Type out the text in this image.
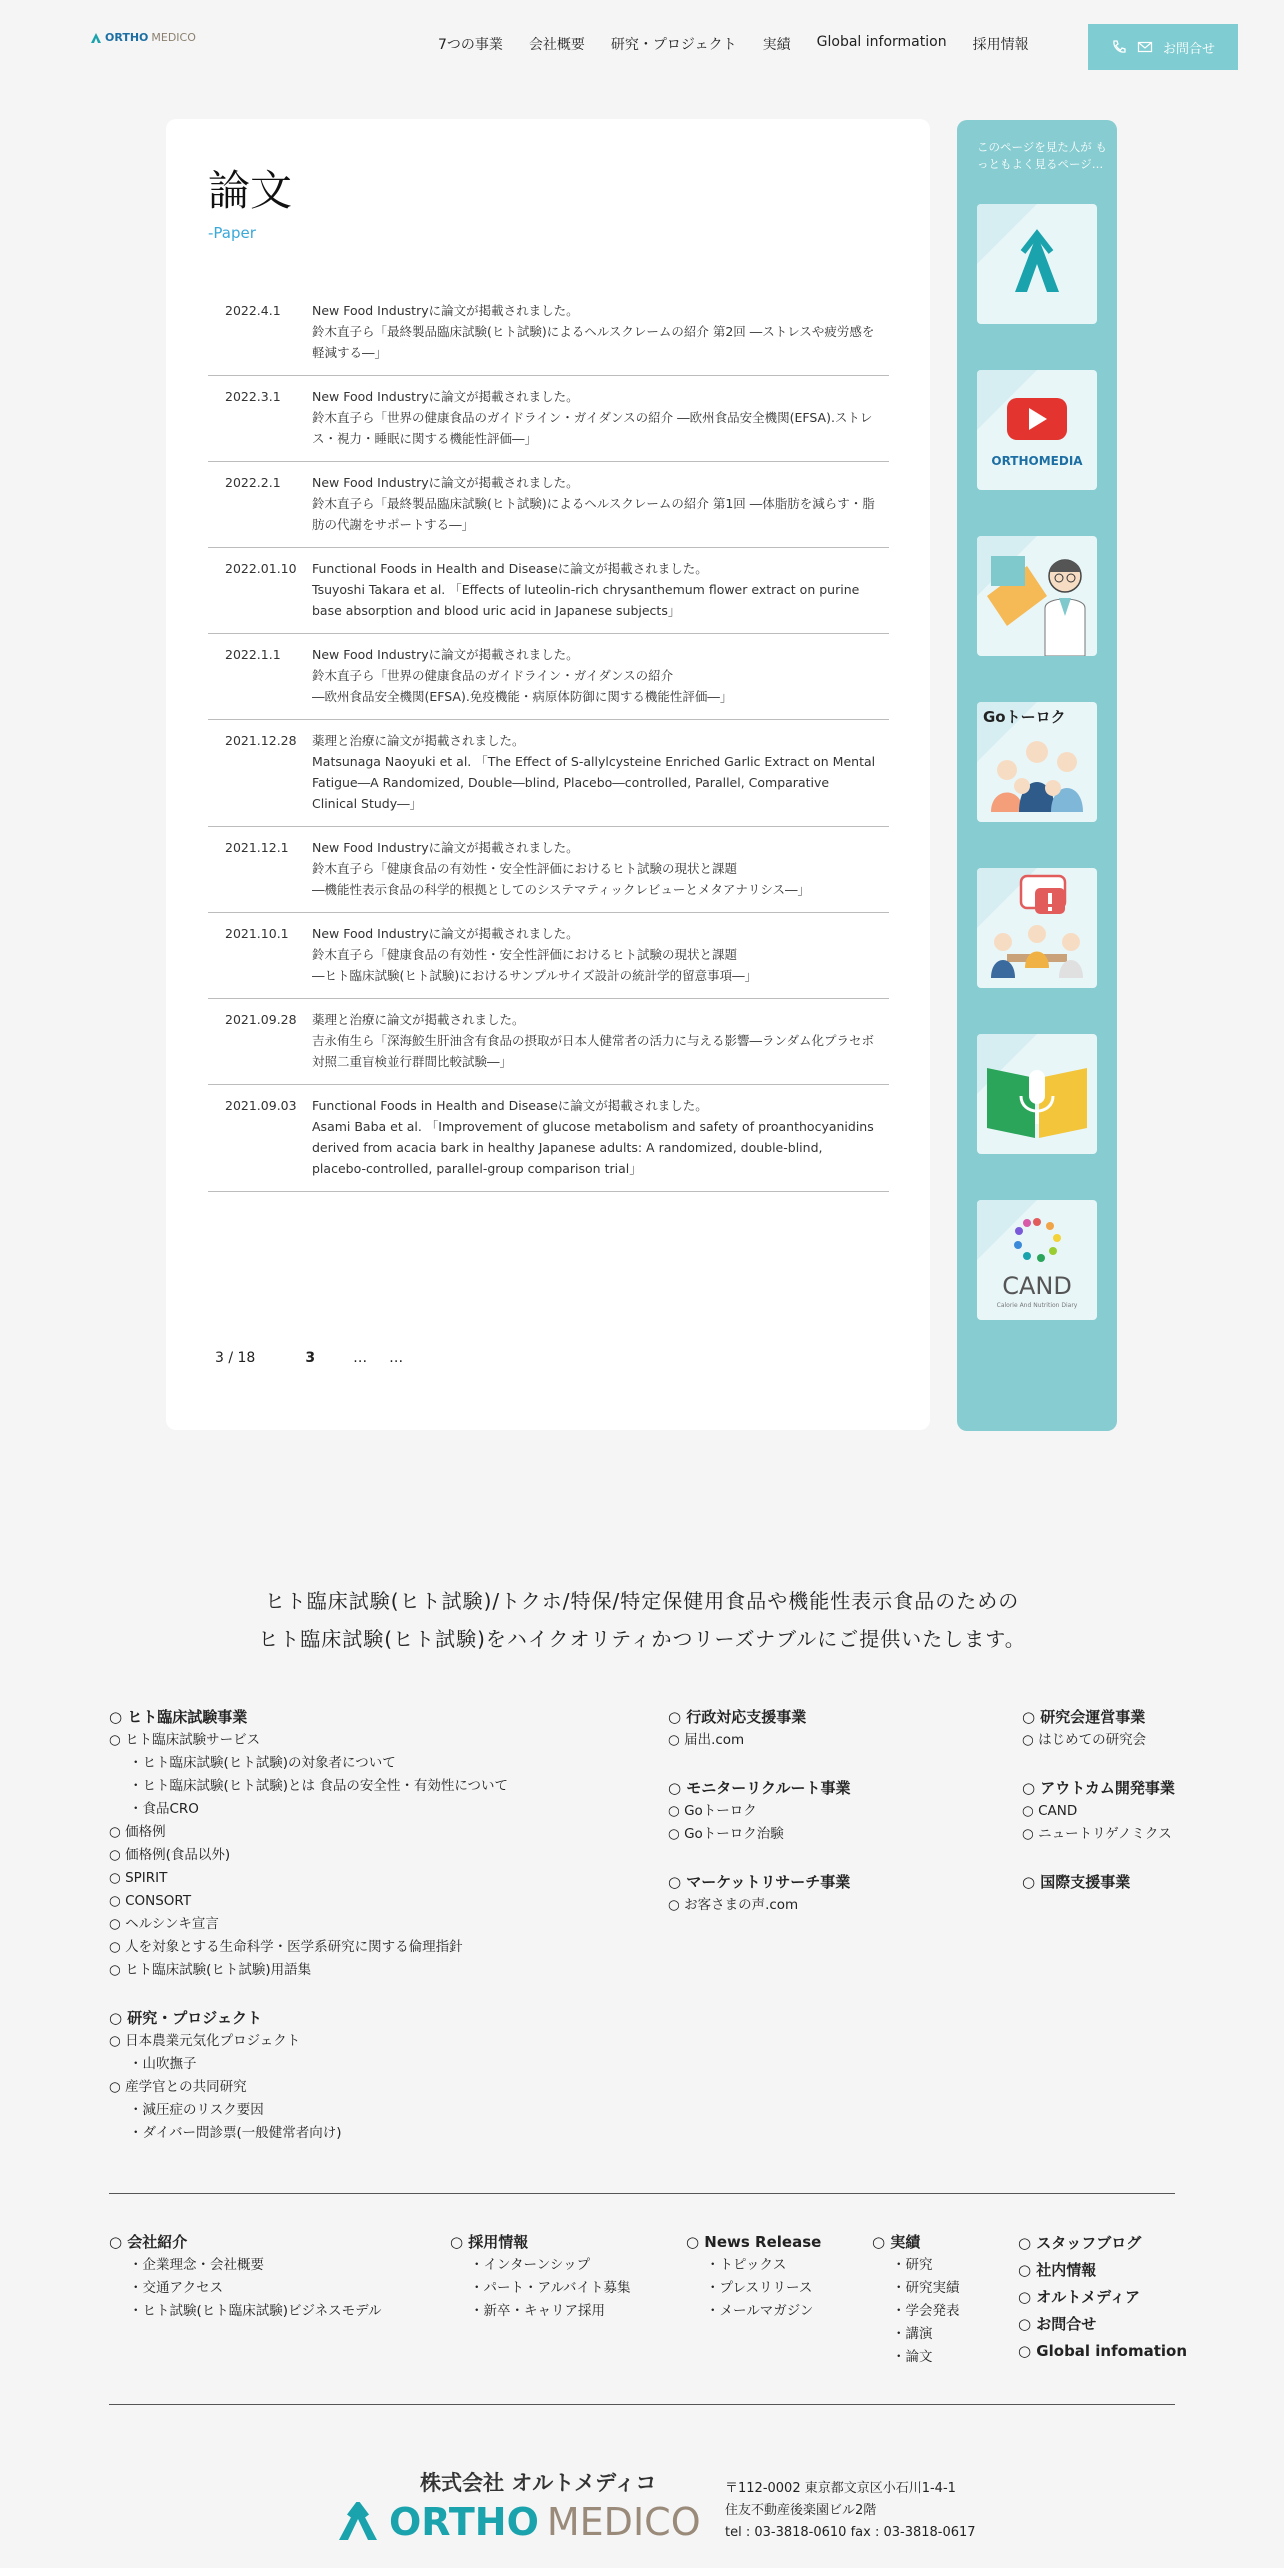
ORTHO MEDICO	7つの事業 会社概要 研究・プロジェクト 実績 Global information 採用情報	お問合せ
論文
-Paper
2022.4.1	New Food Industryに論文が掲載されました。
鈴木直子ら「最終製品臨床試験(ヒト試験)によるヘルスクレームの紹介 第2回 ―ストレスや疲労感を軽減する―」
2022.3.1	New Food Industryに論文が掲載されました。
鈴木直子ら「世界の健康食品のガイドライン・ガイダンスの紹介 ―欧州食品安全機関(EFSA).ストレス・視力・睡眠に関する機能性評価―」
2022.2.1	New Food Industryに論文が掲載されました。
鈴木直子ら「最終製品臨床試験(ヒト試験)によるヘルスクレームの紹介 第1回 ―体脂肪を減らす・脂肪の代謝をサポートする―」
2022.01.10	Functional Foods in Health and Diseaseに論文が掲載されました。
Tsuyoshi Takara et al. 「Effects of luteolin-rich chrysanthemum flower extract on purine base absorption and blood uric acid in Japanese subjects」
2022.1.1	New Food Industryに論文が掲載されました。
鈴木直子ら「世界の健康食品のガイドライン・ガイダンスの紹介
―欧州食品安全機関(EFSA).免疫機能・病原体防御に関する機能性評価―」
2021.12.28	薬理と治療に論文が掲載されました。
Matsunaga Naoyuki et al. 「The Effect of S-allylcysteine Enriched Garlic Extract on Mental Fatigue―A Randomized, Double―blind, Placebo―controlled, Parallel, Comparative Clinical Study―」
2021.12.1	New Food Industryに論文が掲載されました。
鈴木直子ら「健康食品の有効性・安全性評価におけるヒト試験の現状と課題
―機能性表示食品の科学的根拠としてのシステマティックレビューとメタアナリシス―」
2021.10.1	New Food Industryに論文が掲載されました。
鈴木直子ら「健康食品の有効性・安全性評価におけるヒト試験の現状と課題
―ヒト臨床試験(ヒト試験)におけるサンプルサイズ設計の統計学的留意事項―」
2021.09.28	薬理と治療に論文が掲載されました。
吉永侑生ら「深海鮫生肝油含有食品の摂取が日本人健常者の活力に与える影響―ランダム化プラセボ対照二重盲検並行群間比較試験―」
2021.09.03	Functional Foods in Health and Diseaseに論文が掲載されました。
Asami Baba et al. 「Improvement of glucose metabolism and safety of proanthocyanidins derived from acacia bark in healthy Japanese adults: A randomized, double-blind, placebo-controlled, parallel-group comparison trial」
3 / 18	3	… …
このページを見た人が もっともよく見るページ…
ORTHOMEDIA
Goトーロク
CAND
Calorie And Nutrition Diary
ヒト臨床試験(ヒト試験)/トクホ/特保/特定保健用食品や機能性表示食品のための
ヒト臨床試験(ヒト試験)をハイクオリティかつリーズナブルにご提供いたします。
○ ヒト臨床試験事業
○ ヒト臨床試験サービス
・ヒト臨床試験(ヒト試験)の対象者について
・ヒト臨床試験(ヒト試験)とは 食品の安全性・有効性について
・食品CRO
○ 価格例
○ 価格例(食品以外)
○ SPIRIT
○ CONSORT
○ ヘルシンキ宣言
○ 人を対象とする生命科学・医学系研究に関する倫理指針
○ ヒト臨床試験(ヒト試験)用語集
○ 研究・プロジェクト
○ 日本農業元気化プロジェクト
・山吹撫子
○ 産学官との共同研究
・減圧症のリスク要因
・ダイバー問診票(一般健常者向け)
○ 行政対応支援事業
○ 届出.com
○ モニターリクルート事業
○ Goトーロク
○ Goトーロク治験
○ マーケットリサーチ事業
○ お客さまの声.com
○ 研究会運営事業
○ はじめての研究会
○ アウトカム開発事業
○ CAND
○ ニュートリゲノミクス
○ 国際支援事業
○ 会社紹介
・企業理念・会社概要
・交通アクセス
・ヒト試験(ヒト臨床試験)ビジネスモデル
○ 採用情報
・インターンシップ
・パート・アルバイト募集
・新卒・キャリア採用
○ News Release
・トピックス
・プレスリリース
・メールマガジン
○ 実績
・研究
・研究実績
・学会発表
・講演
・論文
○ スタッフブログ
○ 社内情報
○ オルトメディア
○ お問合せ
○ Global infomation
株式会社 オルトメディコ
ORTHO MEDICO
〒112-0002 東京都文京区小石川1-4-1
住友不動産後楽園ビル2階
tel : 03-3818-0610 fax : 03-3818-0617
